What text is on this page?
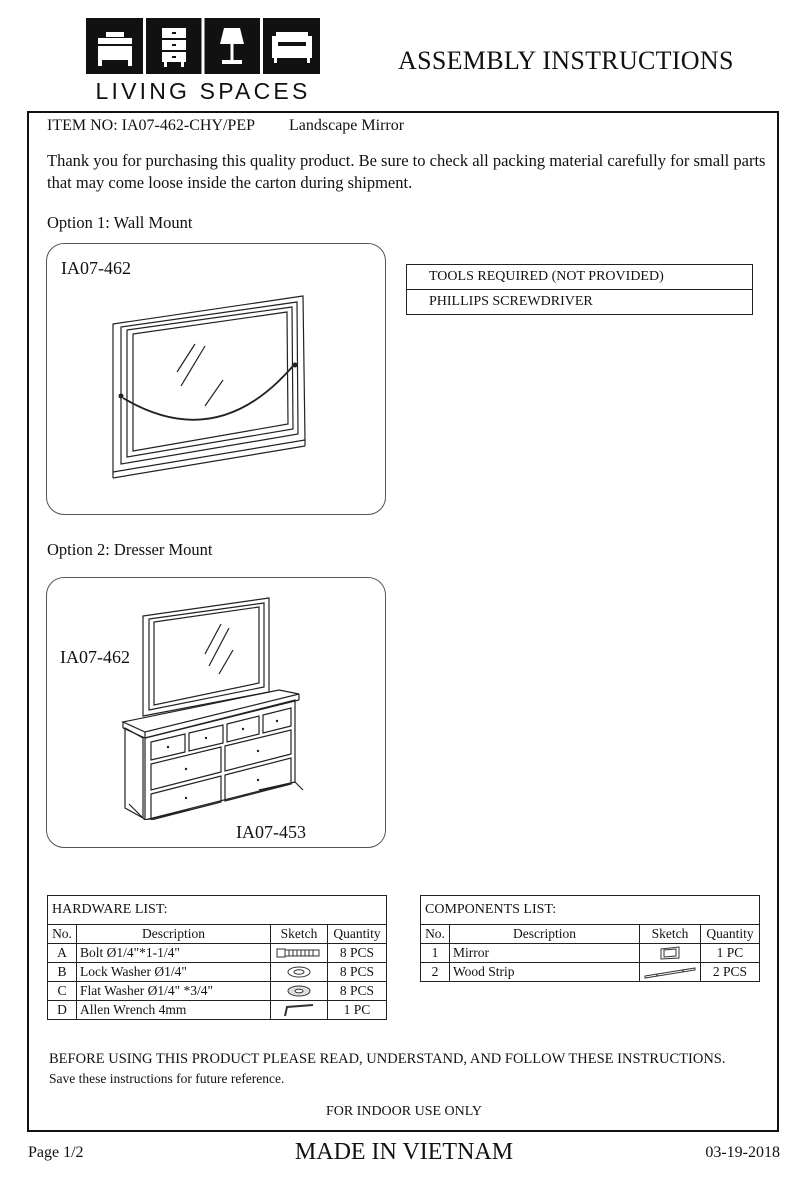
LIVING SPACES
ASSEMBLY INSTRUCTIONS
ITEM NO: IA07-462-CHY/PEP Landscape Mirror
Thank you for purchasing this quality product. Be sure to check all packing material carefully for small parts that may come loose inside the carton during shipment.
Option 1: Wall Mount
IA07-462	TOOLS REQUIRED (NOT PROVIDED)
PHILLIPS SCREWDRIVER
Option 2: Dresser Mount
IA07-462
IA07-453
HARDWARE LIST:			
No.	Description	Sketch	Quantity
A	Bolt Ø1/4"*1-1/4"		8 PCS
B	Lock Washer Ø1/4"		8 PCS
C	Flat Washer Ø1/4" *3/4"		8 PCS
D	Allen Wrench 4mm		1 PC
COMPONENTS LIST:			
No.	Description	Sketch	Quantity
1	Mirror		1 PC
2	Wood Strip		2 PCS
BEFORE USING THIS PRODUCT PLEASE READ, UNDERSTAND, AND FOLLOW THESE INSTRUCTIONS.
Save these instructions for future reference.
FOR INDOOR USE ONLY
Page 1/2	MADE IN VIETNAM	03-19-2018
